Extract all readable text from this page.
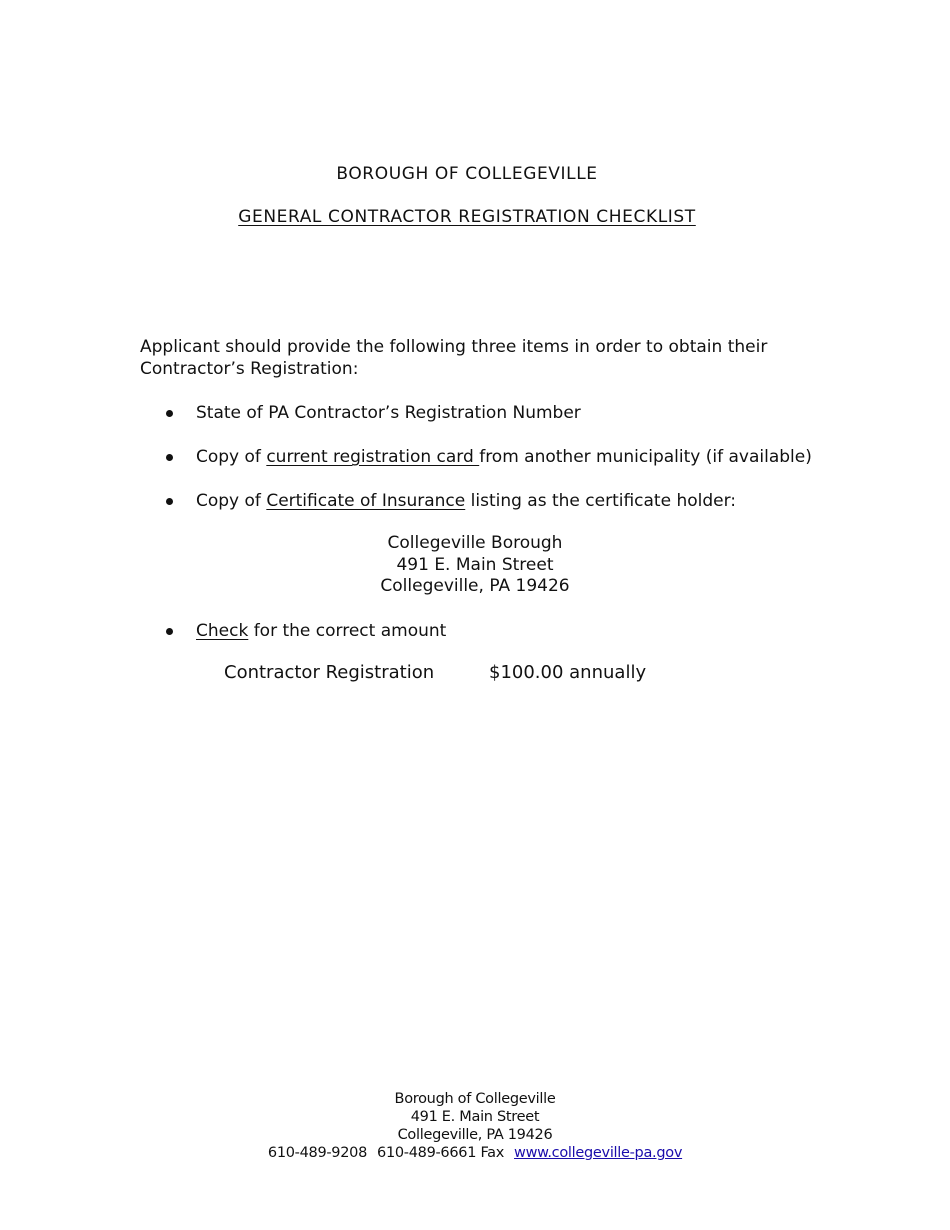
BOROUGH OF COLLEGEVILLE
GENERAL CONTRACTOR REGISTRATION CHECKLIST
Applicant should provide the following three items in order to obtain their Contractor’s Registration:
State of PA Contractor’s Registration Number
Copy of current registration card from another municipality (if available)
Copy of Certificate of Insurance listing as the certificate holder:
Collegeville Borough
491 E. Main Street
Collegeville, PA 19426
Check for the correct amount
Contractor Registration	$100.00 annually
Borough of Collegeville
491 E. Main Street
Collegeville, PA 19426
610-489-9208 610-489-6661 Fax www.collegeville-pa.gov
